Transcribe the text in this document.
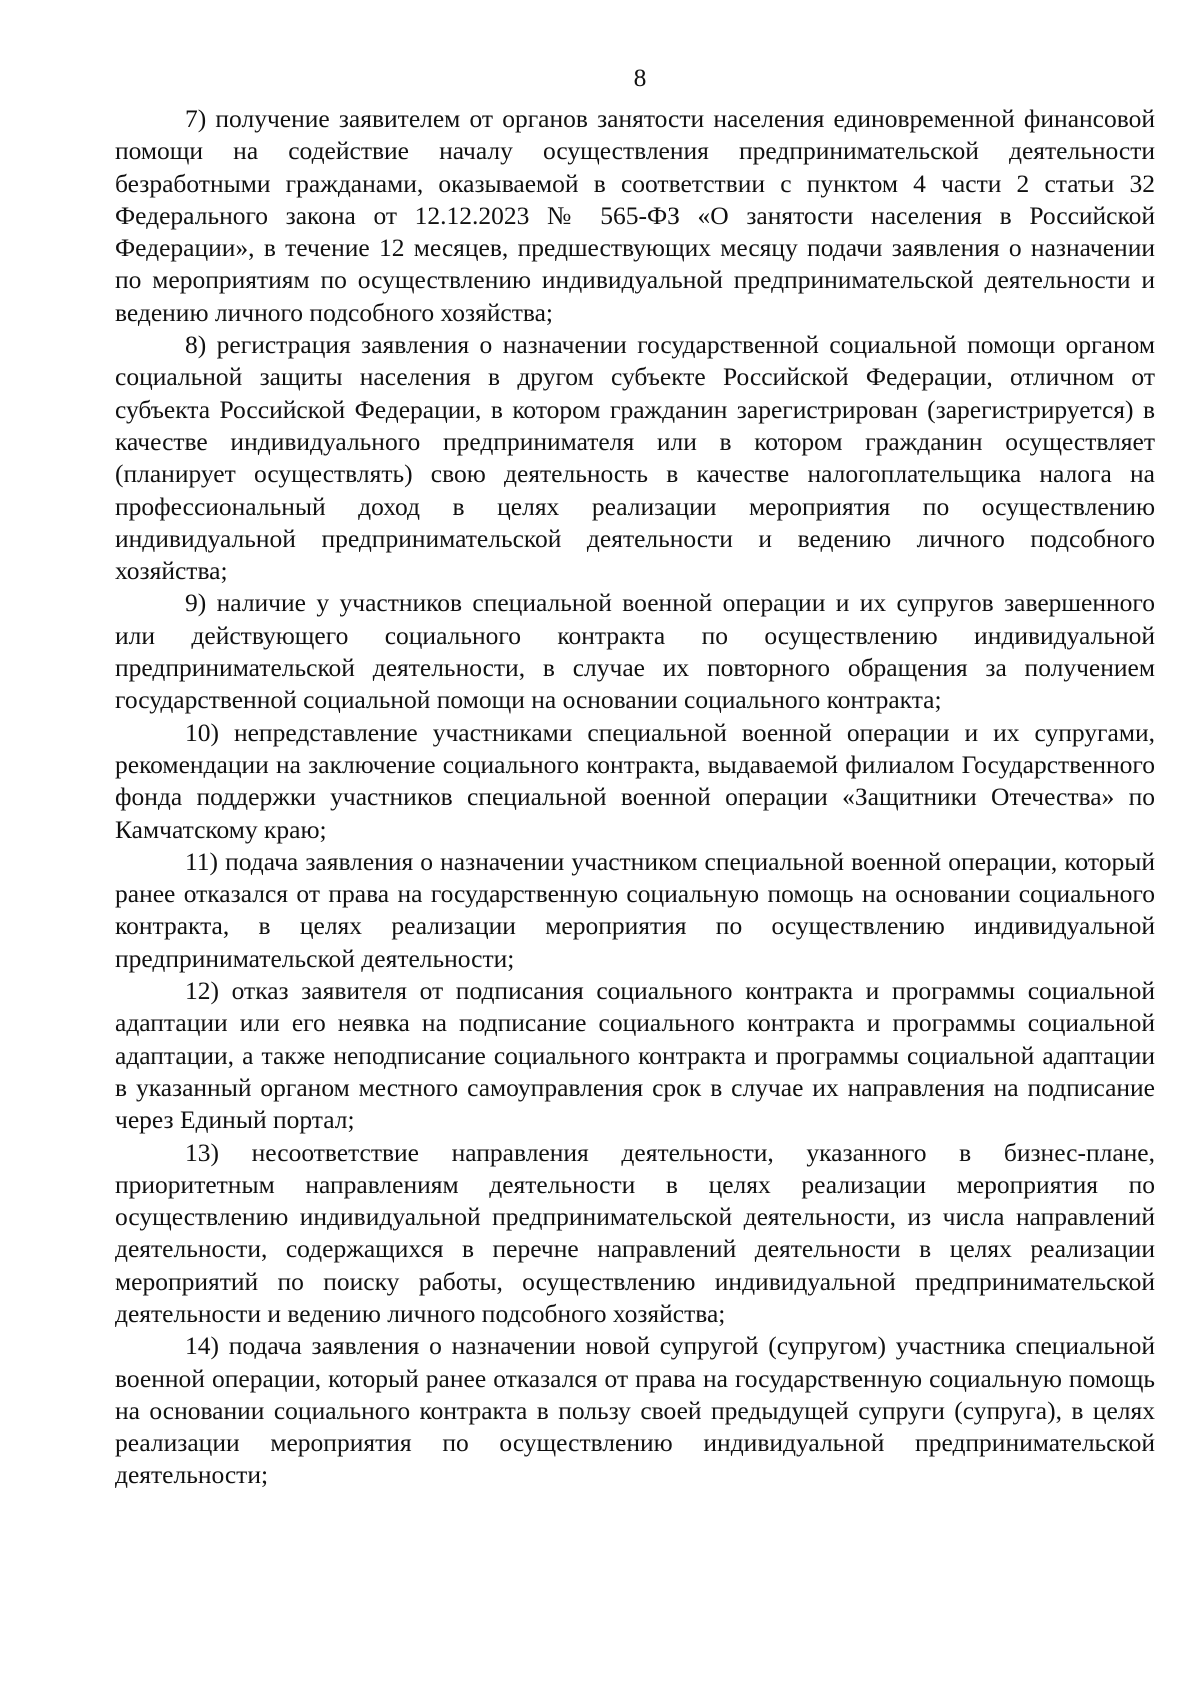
8

7) получение заявителем от органов занятости населения единовременной финансовой помощи на содействие началу осуществления предпринимательской деятельности безработными гражданами, оказываемой в соответствии с пунктом 4 части 2 статьи 32 Федерального закона от 12.12.2023 № 565-ФЗ «О занятости населения в Российской Федерации», в течение 12 месяцев, предшествующих месяцу подачи заявления о назначении по мероприятиям по осуществлению индивидуальной предпринимательской деятельности и ведению личного подсобного хозяйства;

8) регистрация заявления о назначении государственной социальной помощи органом социальной защиты населения в другом субъекте Российской Федерации, отличном от субъекта Российской Федерации, в котором гражданин зарегистрирован (зарегистрируется) в качестве индивидуального предпринимателя или в котором гражданин осуществляет (планирует осуществлять) свою деятельность в качестве налогоплательщика налога на профессиональный доход в целях реализации мероприятия по осуществлению индивидуальной предпринимательской деятельности и ведению личного подсобного хозяйства;

9) наличие у участников специальной военной операции и их супругов завершенного или действующего социального контракта по осуществлению индивидуальной предпринимательской деятельности, в случае их повторного обращения за получением государственной социальной помощи на основании социального контракта;

10) непредставление участниками специальной военной операции и их супругами, рекомендации на заключение социального контракта, выдаваемой филиалом Государственного фонда поддержки участников специальной военной операции «Защитники Отечества» по Камчатскому краю;

11) подача заявления о назначении участником специальной военной операции, который ранее отказался от права на государственную социальную помощь на основании социального контракта, в целях реализации мероприятия по осуществлению индивидуальной предпринимательской деятельности;

12) отказ заявителя от подписания социального контракта и программы социальной адаптации или его неявка на подписание социального контракта и программы социальной адаптации, а также неподписание социального контракта и программы социальной адаптации в указанный органом местного самоуправления срок в случае их направления на подписание через Единый портал;

13) несоответствие направления деятельности, указанного в бизнес-плане, приоритетным направлениям деятельности в целях реализации мероприятия по осуществлению индивидуальной предпринимательской деятельности, из числа направлений деятельности, содержащихся в перечне направлений деятельности в целях реализации мероприятий по поиску работы, осуществлению индивидуальной предпринимательской деятельности и ведению личного подсобного хозяйства;

14) подача заявления о назначении новой супругой (супругом) участника специальной военной операции, который ранее отказался от права на государственную социальную помощь на основании социального контракта в пользу своей предыдущей супруги (супруга), в целях реализации мероприятия по осуществлению индивидуальной предпринимательской деятельности;
